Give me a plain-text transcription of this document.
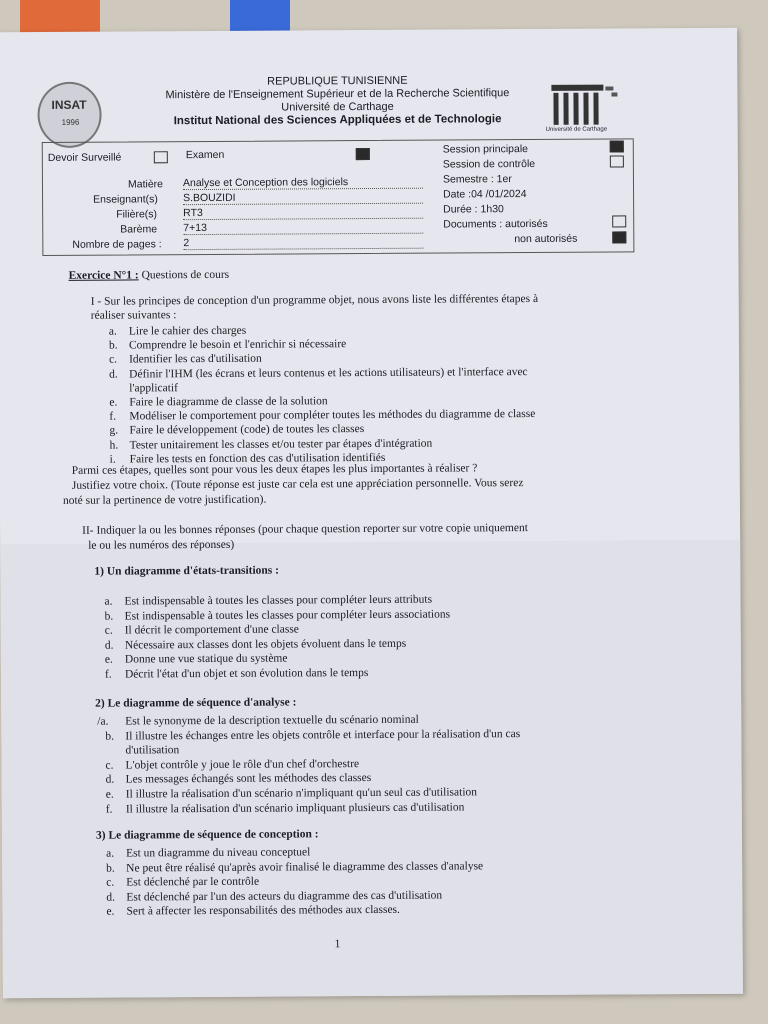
INSAT
1996
Université de Carthage
REPUBLIQUE TUNISIENNE
Ministère de l'Enseignement Supérieur et de la Recherche Scientifique
Université de Carthage
Institut National des Sciences Appliquées et de Technologie
Devoir Surveillé	Examen
Matière Analyse et Conception des logiciels
Enseignant(s) S.BOUZIDI
Filière(s) RT3
Barème 7+13
Nombre de pages : 2
Session principale
Session de contrôle
Semestre : 1er
Date :04 /01/2024
Durée : 1h30
Documents : autorisés
non autorisés
Exercice N°1 : Questions de cours
I - Sur les principes de conception d'un programme objet, nous avons liste les différentes étapes à
réaliser suivantes :
a. Lire le cahier des charges
b. Comprendre le besoin et l'enrichir si nécessaire
c. Identifier les cas d'utilisation
d. Définir l'IHM (les écrans et leurs contenus et les actions utilisateurs) et l'interface avec
l'applicatif
e. Faire le diagramme de classe de la solution
f. Modéliser le comportement pour compléter toutes les méthodes du diagramme de classe
g. Faire le développement (code) de toutes les classes
h. Tester unitairement les classes et/ou tester par étapes d'intégration
i. Faire les tests en fonction des cas d'utilisation identifiés
Parmi ces étapes, quelles sont pour vous les deux étapes les plus importantes à réaliser ?
Justifiez votre choix. (Toute réponse est juste car cela est une appréciation personnelle. Vous serez
noté sur la pertinence de votre justification).
II- Indiquer la ou les bonnes réponses (pour chaque question reporter sur votre copie uniquement
le ou les numéros des réponses)
1) Un diagramme d'états-transitions :
a. Est indispensable à toutes les classes pour compléter leurs attributs
b. Est indispensable à toutes les classes pour compléter leurs associations
c. Il décrit le comportement d'une classe
d. Nécessaire aux classes dont les objets évoluent dans le temps
e. Donne une vue statique du système
f. Décrit l'état d'un objet et son évolution dans le temps
2) Le diagramme de séquence d'analyse :
/a. Est le synonyme de la description textuelle du scénario nominal
b. Il illustre les échanges entre les objets contrôle et interface pour la réalisation d'un cas
d'utilisation
c. L'objet contrôle y joue le rôle d'un chef d'orchestre
d. Les messages échangés sont les méthodes des classes
e. Il illustre la réalisation d'un scénario n'impliquant qu'un seul cas d'utilisation
f. Il illustre la réalisation d'un scénario impliquant plusieurs cas d'utilisation
3) Le diagramme de séquence de conception :
a. Est un diagramme du niveau conceptuel
b. Ne peut être réalisé qu'après avoir finalisé le diagramme des classes d'analyse
c. Est déclenché par le contrôle
d. Est déclenché par l'un des acteurs du diagramme des cas d'utilisation
e. Sert à affecter les responsabilités des méthodes aux classes.
1
